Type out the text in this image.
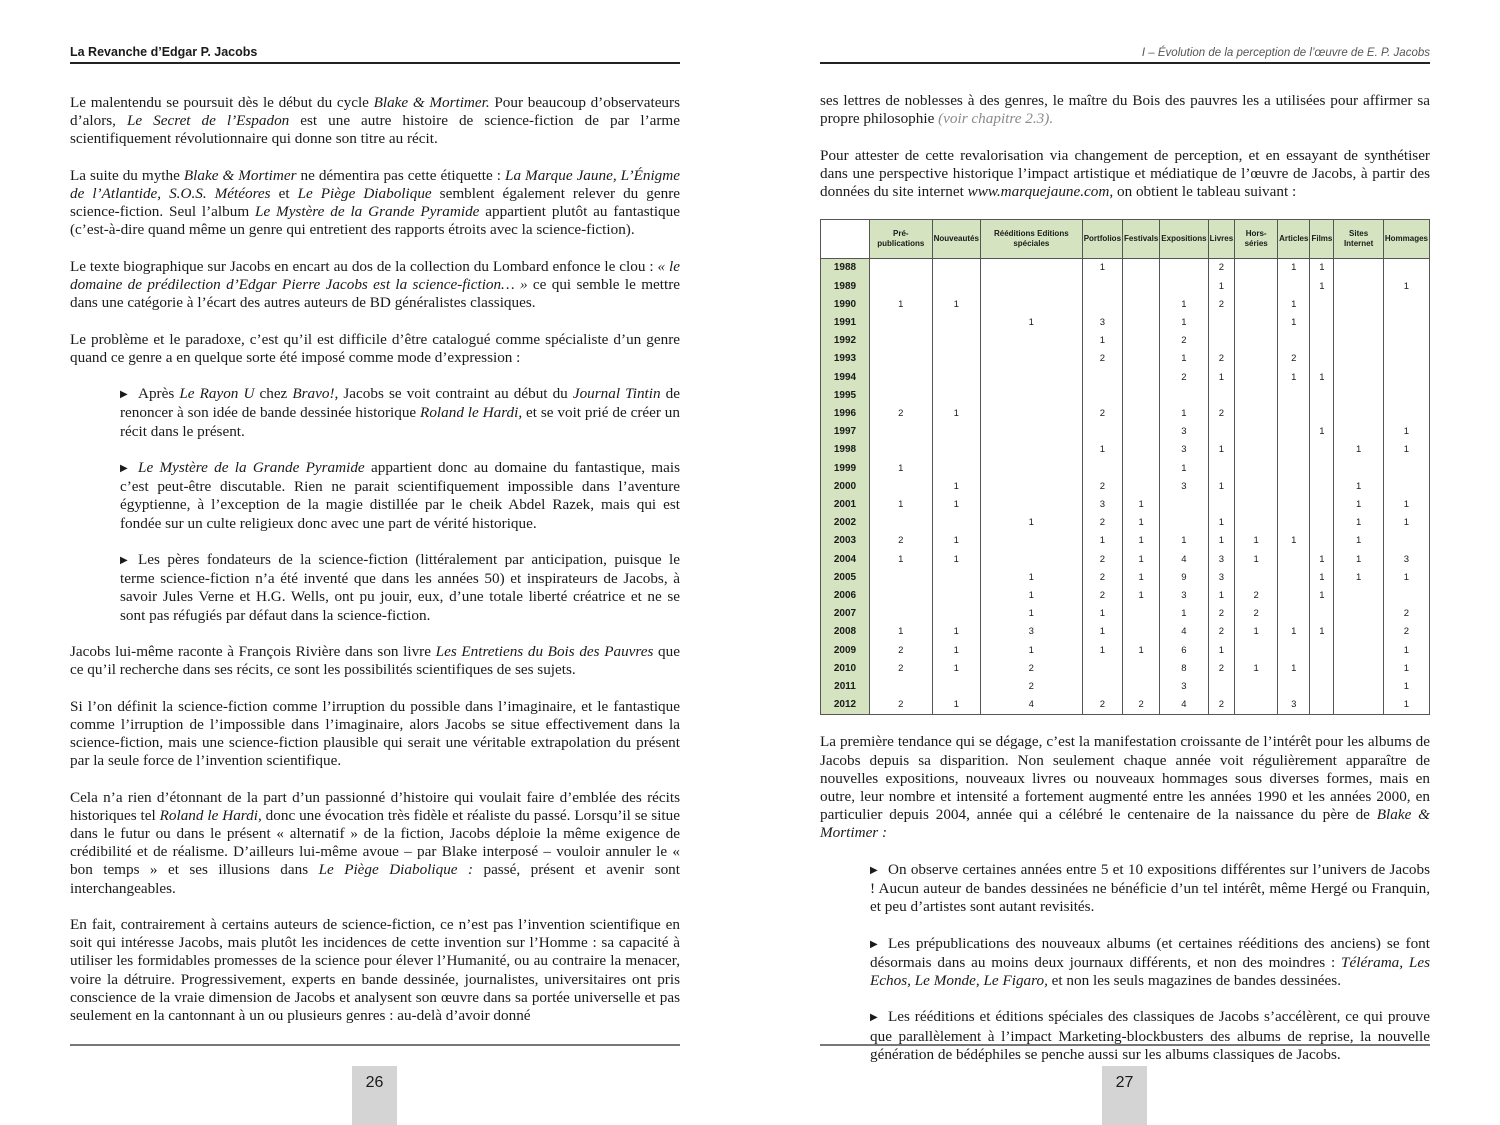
La Revanche d’Edgar P. Jacobs

Le malentendu se poursuit dès le début du cycle Blake & Mortimer. Pour beaucoup d’observateurs d’alors, Le Secret de l’Espadon est une autre histoire de science-fiction de par l’arme scientifiquement révolutionnaire qui donne son titre au récit.

La suite du mythe Blake & Mortimer ne démentira pas cette étiquette : La Marque Jaune, L’Énigme de l’Atlantide, S.O.S. Météores et Le Piège Diabolique semblent également relever du genre science-fiction. Seul l’album Le Mystère de la Grande Pyramide appartient plutôt au fantastique (c’est-à-dire quand même un genre qui entretient des rapports étroits avec la science-fiction).

Le texte biographique sur Jacobs en encart au dos de la collection du Lombard enfonce le clou : « le domaine de prédilection d’Edgar Pierre Jacobs est la science-fiction… » ce qui semble le mettre dans une catégorie à l’écart des autres auteurs de BD généralistes classiques.

Le problème et le paradoxe, c’est qu’il est difficile d’être catalogué comme spécialiste d’un genre quand ce genre a en quelque sorte été imposé comme mode d’expression :

▶ Après Le Rayon U chez Bravo!, Jacobs se voit contraint au début du Journal Tintin de renoncer à son idée de bande dessinée historique Roland le Hardi, et se voit prié de créer un récit dans le présent.

▶ Le Mystère de la Grande Pyramide appartient donc au domaine du fantastique, mais c’est peut-être discutable. Rien ne parait scientifiquement impossible dans l’aventure égyptienne, à l’exception de la magie distillée par le cheik Abdel Razek, mais qui est fondée sur un culte religieux donc avec une part de vérité historique.

▶ Les pères fondateurs de la science-fiction (littéralement par anticipation, puisque le terme science-fiction n’a été inventé que dans les années 50) et inspirateurs de Jacobs, à savoir Jules Verne et H.G. Wells, ont pu jouir, eux, d’une totale liberté créatrice et ne se sont pas réfugiés par défaut dans la science-fiction.

Jacobs lui-même raconte à François Rivière dans son livre Les Entretiens du Bois des Pauvres que ce qu’il recherche dans ses récits, ce sont les possibilités scientifiques de ses sujets.

Si l’on définit la science-fiction comme l’irruption du possible dans l’imaginaire, et le fantastique comme l’irruption de l’impossible dans l’imaginaire, alors Jacobs se situe effectivement dans la science-fiction, mais une science-fiction plausible qui serait une véritable extrapolation du présent par la seule force de l’invention scientifique.

Cela n’a rien d’étonnant de la part d’un passionné d’histoire qui voulait faire d’emblée des récits historiques tel Roland le Hardi, donc une évocation très fidèle et réaliste du passé. Lorsqu’il se situe dans le futur ou dans le présent « alternatif » de la fiction, Jacobs déploie la même exigence de crédibilité et de réalisme. D’ailleurs lui-même avoue – par Blake interposé – vouloir annuler le « bon temps » et ses illusions dans Le Piège Diabolique : passé, présent et avenir sont interchangeables.

En fait, contrairement à certains auteurs de science-fiction, ce n’est pas l’invention scientifique en soit qui intéresse Jacobs, mais plutôt les incidences de cette invention sur l’Homme : sa capacité à utiliser les formidables promesses de la science pour élever l’Humanité, ou au contraire la menacer, voire la détruire. Progressivement, experts en bande dessinée, journalistes, universitaires ont pris conscience de la vraie dimension de Jacobs et analysent son œuvre dans sa portée universelle et pas seulement en la cantonnant à un ou plusieurs genres : au-delà d’avoir donné

26
I – Évolution de la perception de l’œuvre de E. P. Jacobs

ses lettres de noblesses à des genres, le maître du Bois des pauvres les a utilisées pour affirmer sa propre philosophie (voir chapitre 2.3).

Pour attester de cette revalorisation via changement de perception, et en essayant de synthétiser dans une perspective historique l’impact artistique et médiatique de l’œuvre de Jacobs, à partir des données du site internet www.marquejaune.com, on obtient le tableau suivant :

	Pré-publications	Nouveautés	Rééditions Editions spéciales	Portfolios	Festivals	Expositions	Livres	Hors-séries	Articles	Films	Sites Internet	Hommages
1988				1			2		1	1		
1989							1			1		1
1990	1	1				1	2		1			
1991			1	3		1			1			
1992				1		2						
1993				2		1	2		2			
1994						2	1		1	1		
1995												
1996	2	1		2		1	2					
1997						3				1		1
1998				1		3	1				1	1
1999	1					1						
2000		1		2		3	1				1	
2001	1	1		3	1						1	1
2002			1	2	1		1				1	1
2003	2	1		1	1	1	1	1	1		1	
2004	1	1		2	1	4	3	1		1	1	3
2005			1	2	1	9	3			1	1	1
2006			1	2	1	3	1	2		1		
2007			1	1		1	2	2				2
2008	1	1	3	1		4	2	1	1	1		2
2009	2	1	1	1	1	6	1					1
2010	2	1	2			8	2	1	1			1
2011			2			3						1
2012	2	1	4	2	2	4	2		3			1

La première tendance qui se dégage, c’est la manifestation croissante de l’intérêt pour les albums de Jacobs depuis sa disparition. Non seulement chaque année voit régulièrement apparaître de nouvelles expositions, nouveaux livres ou nouveaux hommages sous diverses formes, mais en outre, leur nombre et intensité a fortement augmenté entre les années 1990 et les années 2000, en particulier depuis 2004, année qui a célébré le centenaire de la naissance du père de Blake & Mortimer :

▶ On observe certaines années entre 5 et 10 expositions différentes sur l’univers de Jacobs ! Aucun auteur de bandes dessinées ne bénéficie d’un tel intérêt, même Hergé ou Franquin, et peu d’artistes sont autant revisités.

▶ Les prépublications des nouveaux albums (et certaines rééditions des anciens) se font désormais dans au moins deux journaux différents, et non des moindres : Télérama, Les Echos, Le Monde, Le Figaro, et non les seuls magazines de bandes dessinées.

▶ Les rééditions et éditions spéciales des classiques de Jacobs s’accélèrent, ce qui prouve que parallèlement à l’impact Marketing-blockbusters des albums de reprise, la nouvelle génération de bédéphiles se penche aussi sur les albums classiques de Jacobs.

27
